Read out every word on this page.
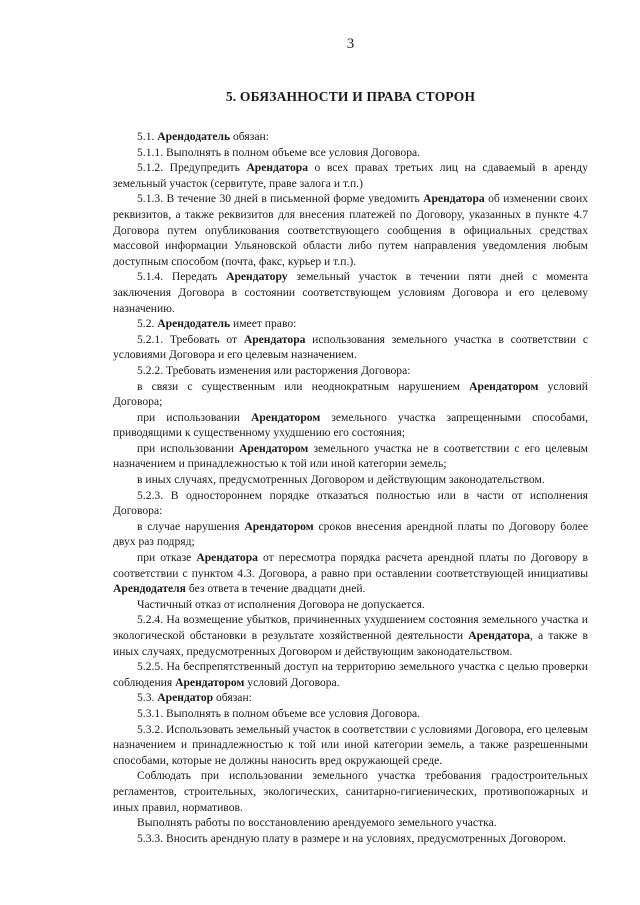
3
5. ОБЯЗАННОСТИ И ПРАВА СТОРОН

5.1. Арендодатель обязан:

5.1.1. Выполнять в полном объеме все условия Договора.

5.1.2. Предупредить Арендатора о всех правах третьих лиц на сдаваемый в аренду земельный участок (сервитуте, праве залога и т.п.)

5.1.3. В течение 30 дней в письменной форме уведомить Арендатора об изменении своих реквизитов, а также реквизитов для внесения платежей по Договору, указанных в пункте 4.7 Договора путем опубликования соответствующего сообщения в официальных средствах массовой информации Ульяновской области либо путем направления уведомления любым доступным способом (почта, факс, курьер и т.п.).

5.1.4. Передать Арендатору земельный участок в течении пяти дней с момента заключения Договора в состоянии соответствующем условиям Договора и его целевому назначению.

5.2. Арендодатель имеет право:

5.2.1. Требовать от Арендатора использования земельного участка в соответствии с условиями Договора и его целевым назначением.

5.2.2. Требовать изменения или расторжения Договора:

в связи с существенным или неоднократным нарушением Арендатором условий Договора;

при использовании Арендатором земельного участка запрещенными способами, приводящими к существенному ухудшению его состояния;

при использовании Арендатором земельного участка не в соответствии с его целевым назначением и принадлежностью к той или иной категории земель;

в иных случаях, предусмотренных Договором и действующим законодательством.

5.2.3. В одностороннем порядке отказаться полностью или в части от исполнения Договора:

в случае нарушения Арендатором сроков внесения арендной платы по Договору более двух раз подряд;

при отказе Арендатора от пересмотра порядка расчета арендной платы по Договору в соответствии с пунктом 4.3. Договора, а равно при оставлении соответствующей инициативы Арендодателя без ответа в течение двадцати дней.

Частичный отказ от исполнения Договора не допускается.

5.2.4. На возмещение убытков, причиненных ухудшением состояния земельного участка и экологической обстановки в результате хозяйственной деятельности Арендатора, а также в иных случаях, предусмотренных Договором и действующим законодательством.

5.2.5. На беспрепятственный доступ на территорию земельного участка с целью проверки соблюдения Арендатором условий Договора.

5.3. Арендатор обязан:

5.3.1. Выполнять в полном объеме все условия Договора.

5.3.2. Использовать земельный участок в соответствии с условиями Договора, его целевым назначением и принадлежностью к той или иной категории земель, а также разрешенными способами, которые не должны наносить вред окружающей среде.

Соблюдать при использовании земельного участка требования градостроительных регламентов, строительных, экологических, санитарно-гигиенических, противопожарных и иных правил, нормативов.

Выполнять работы по восстановлению арендуемого земельного участка.

5.3.3. Вносить арендную плату в размере и на условиях, предусмотренных Договором.
